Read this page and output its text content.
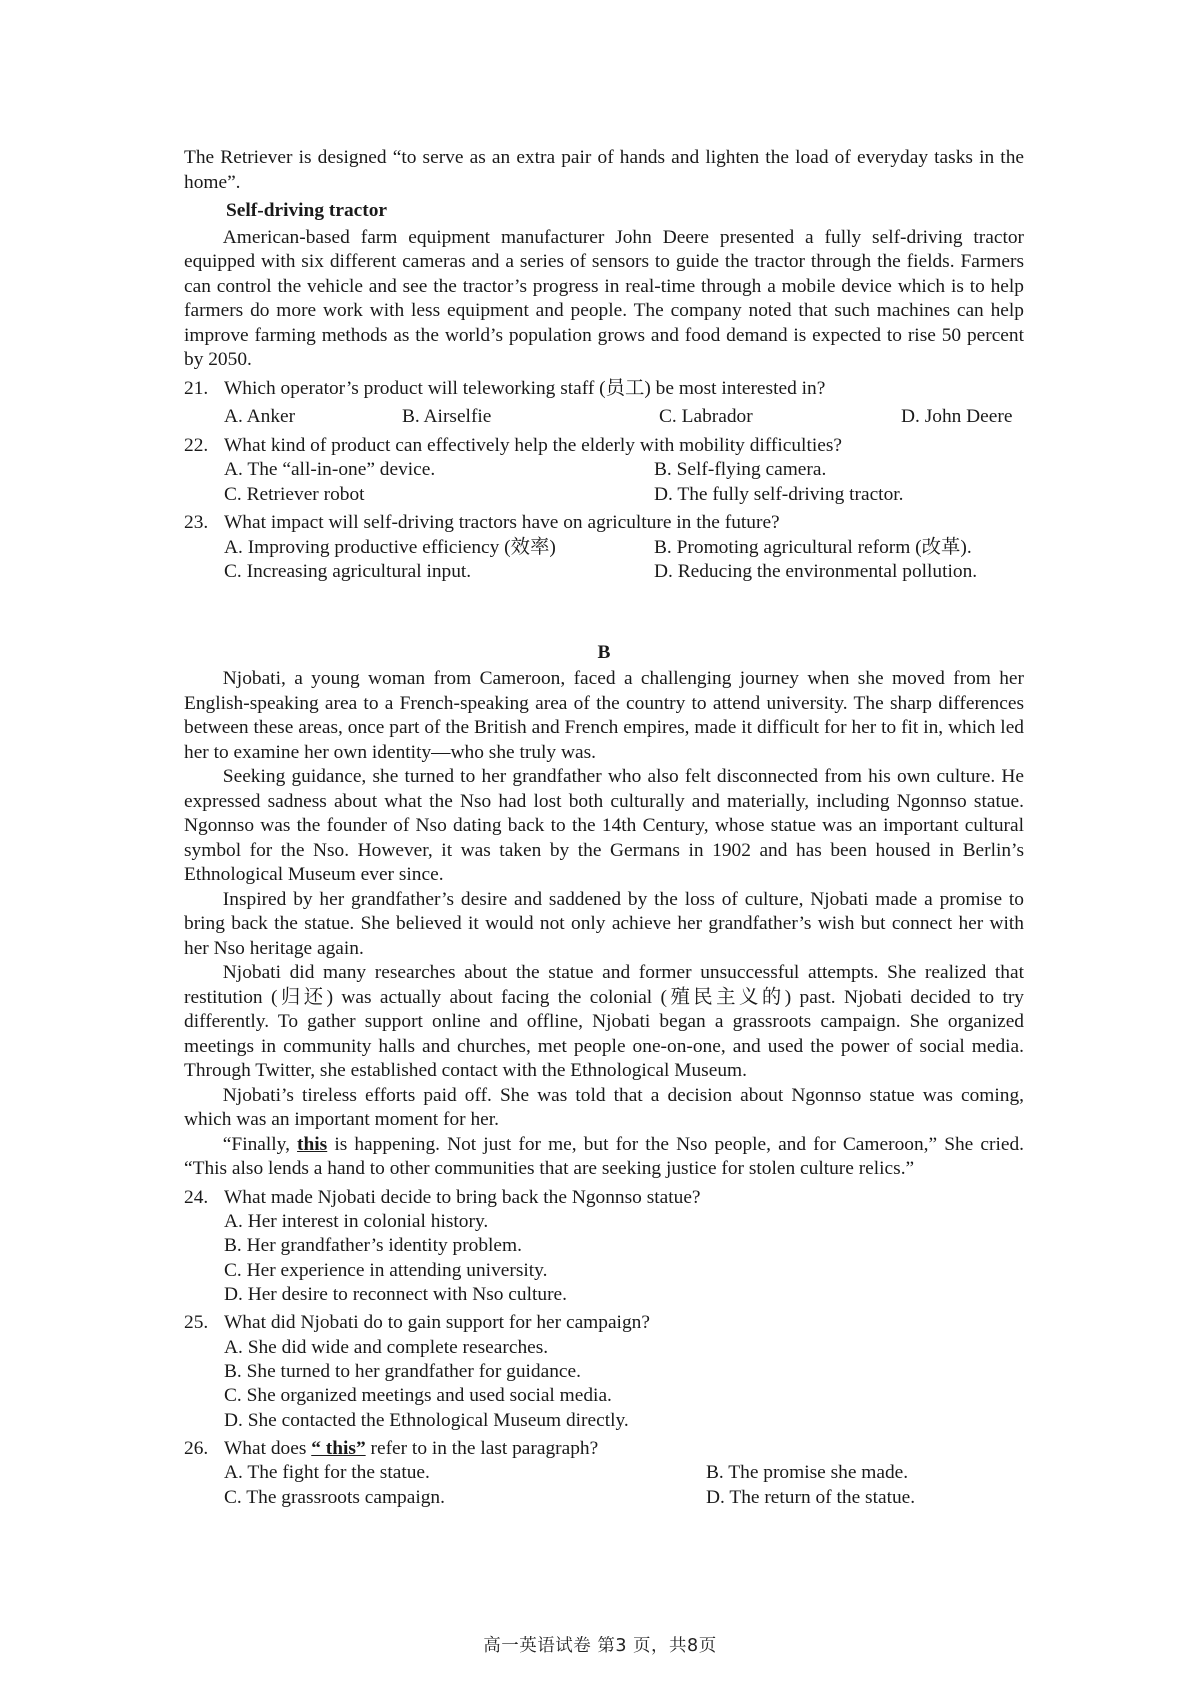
The Retriever is designed “to serve as an extra pair of hands and lighten the load of everyday tasks in the home”.

Self-driving tractor

American-based farm equipment manufacturer John Deere presented a fully self-driving tractor equipped with six different cameras and a series of sensors to guide the tractor through the fields. Farmers can control the vehicle and see the tractor’s progress in real-time through a mobile device which is to help farmers do more work with less equipment and people. The company noted that such machines can help improve farming methods as the world’s population grows and food demand is expected to rise 50 percent by 2050.

21. Which operator’s product will teleworking staff (员工) be most interested in?
A. Anker	B. Airselfie	C. Labrador	D. John Deere
22. What kind of product can effectively help the elderly with mobility difficulties?
A. The “all-in-one” device.	B. Self-flying camera.
C. Retriever robot	D. The fully self-driving tractor.
23. What impact will self-driving tractors have on agriculture in the future?
A. Improving productive efficiency (效率)	B. Promoting agricultural reform (改革).
C. Increasing agricultural input.	D. Reducing the environmental pollution.

B

Njobati, a young woman from Cameroon, faced a challenging journey when she moved from her English-speaking area to a French-speaking area of the country to attend university. The sharp differences between these areas, once part of the British and French empires, made it difficult for her to fit in, which led her to examine her own identity—who she truly was.

Seeking guidance, she turned to her grandfather who also felt disconnected from his own culture. He expressed sadness about what the Nso had lost both culturally and materially, including Ngonnso statue. Ngonnso was the founder of Nso dating back to the 14th Century, whose statue was an important cultural symbol for the Nso. However, it was taken by the Germans in 1902 and has been housed in Berlin’s Ethnological Museum ever since.

Inspired by her grandfather’s desire and saddened by the loss of culture, Njobati made a promise to bring back the statue. She believed it would not only achieve her grandfather’s wish but connect her with her Nso heritage again.

Njobati did many researches about the statue and former unsuccessful attempts. She realized that restitution (归还) was actually about facing the colonial (殖民主义的) past. Njobati decided to try differently. To gather support online and offline, Njobati began a grassroots campaign. She organized meetings in community halls and churches, met people one-on-one, and used the power of social media. Through Twitter, she established contact with the Ethnological Museum.

Njobati’s tireless efforts paid off. She was told that a decision about Ngonnso statue was coming, which was an important moment for her.

“Finally, this is happening. Not just for me, but for the Nso people, and for Cameroon,” She cried. “This also lends a hand to other communities that are seeking justice for stolen culture relics.”

24. What made Njobati decide to bring back the Ngonnso statue?
A. Her interest in colonial history.
B. Her grandfather’s identity problem.
C. Her experience in attending university.
D. Her desire to reconnect with Nso culture.
25. What did Njobati do to gain support for her campaign?
A. She did wide and complete researches.
B. She turned to her grandfather for guidance.
C. She organized meetings and used social media.
D. She contacted the Ethnological Museum directly.
26. What does “ this” refer to in the last paragraph?
A. The fight for the statue.	B. The promise she made.
C. The grassroots campaign.	D. The return of the statue.
高一英语试卷 第3 页，共8页
